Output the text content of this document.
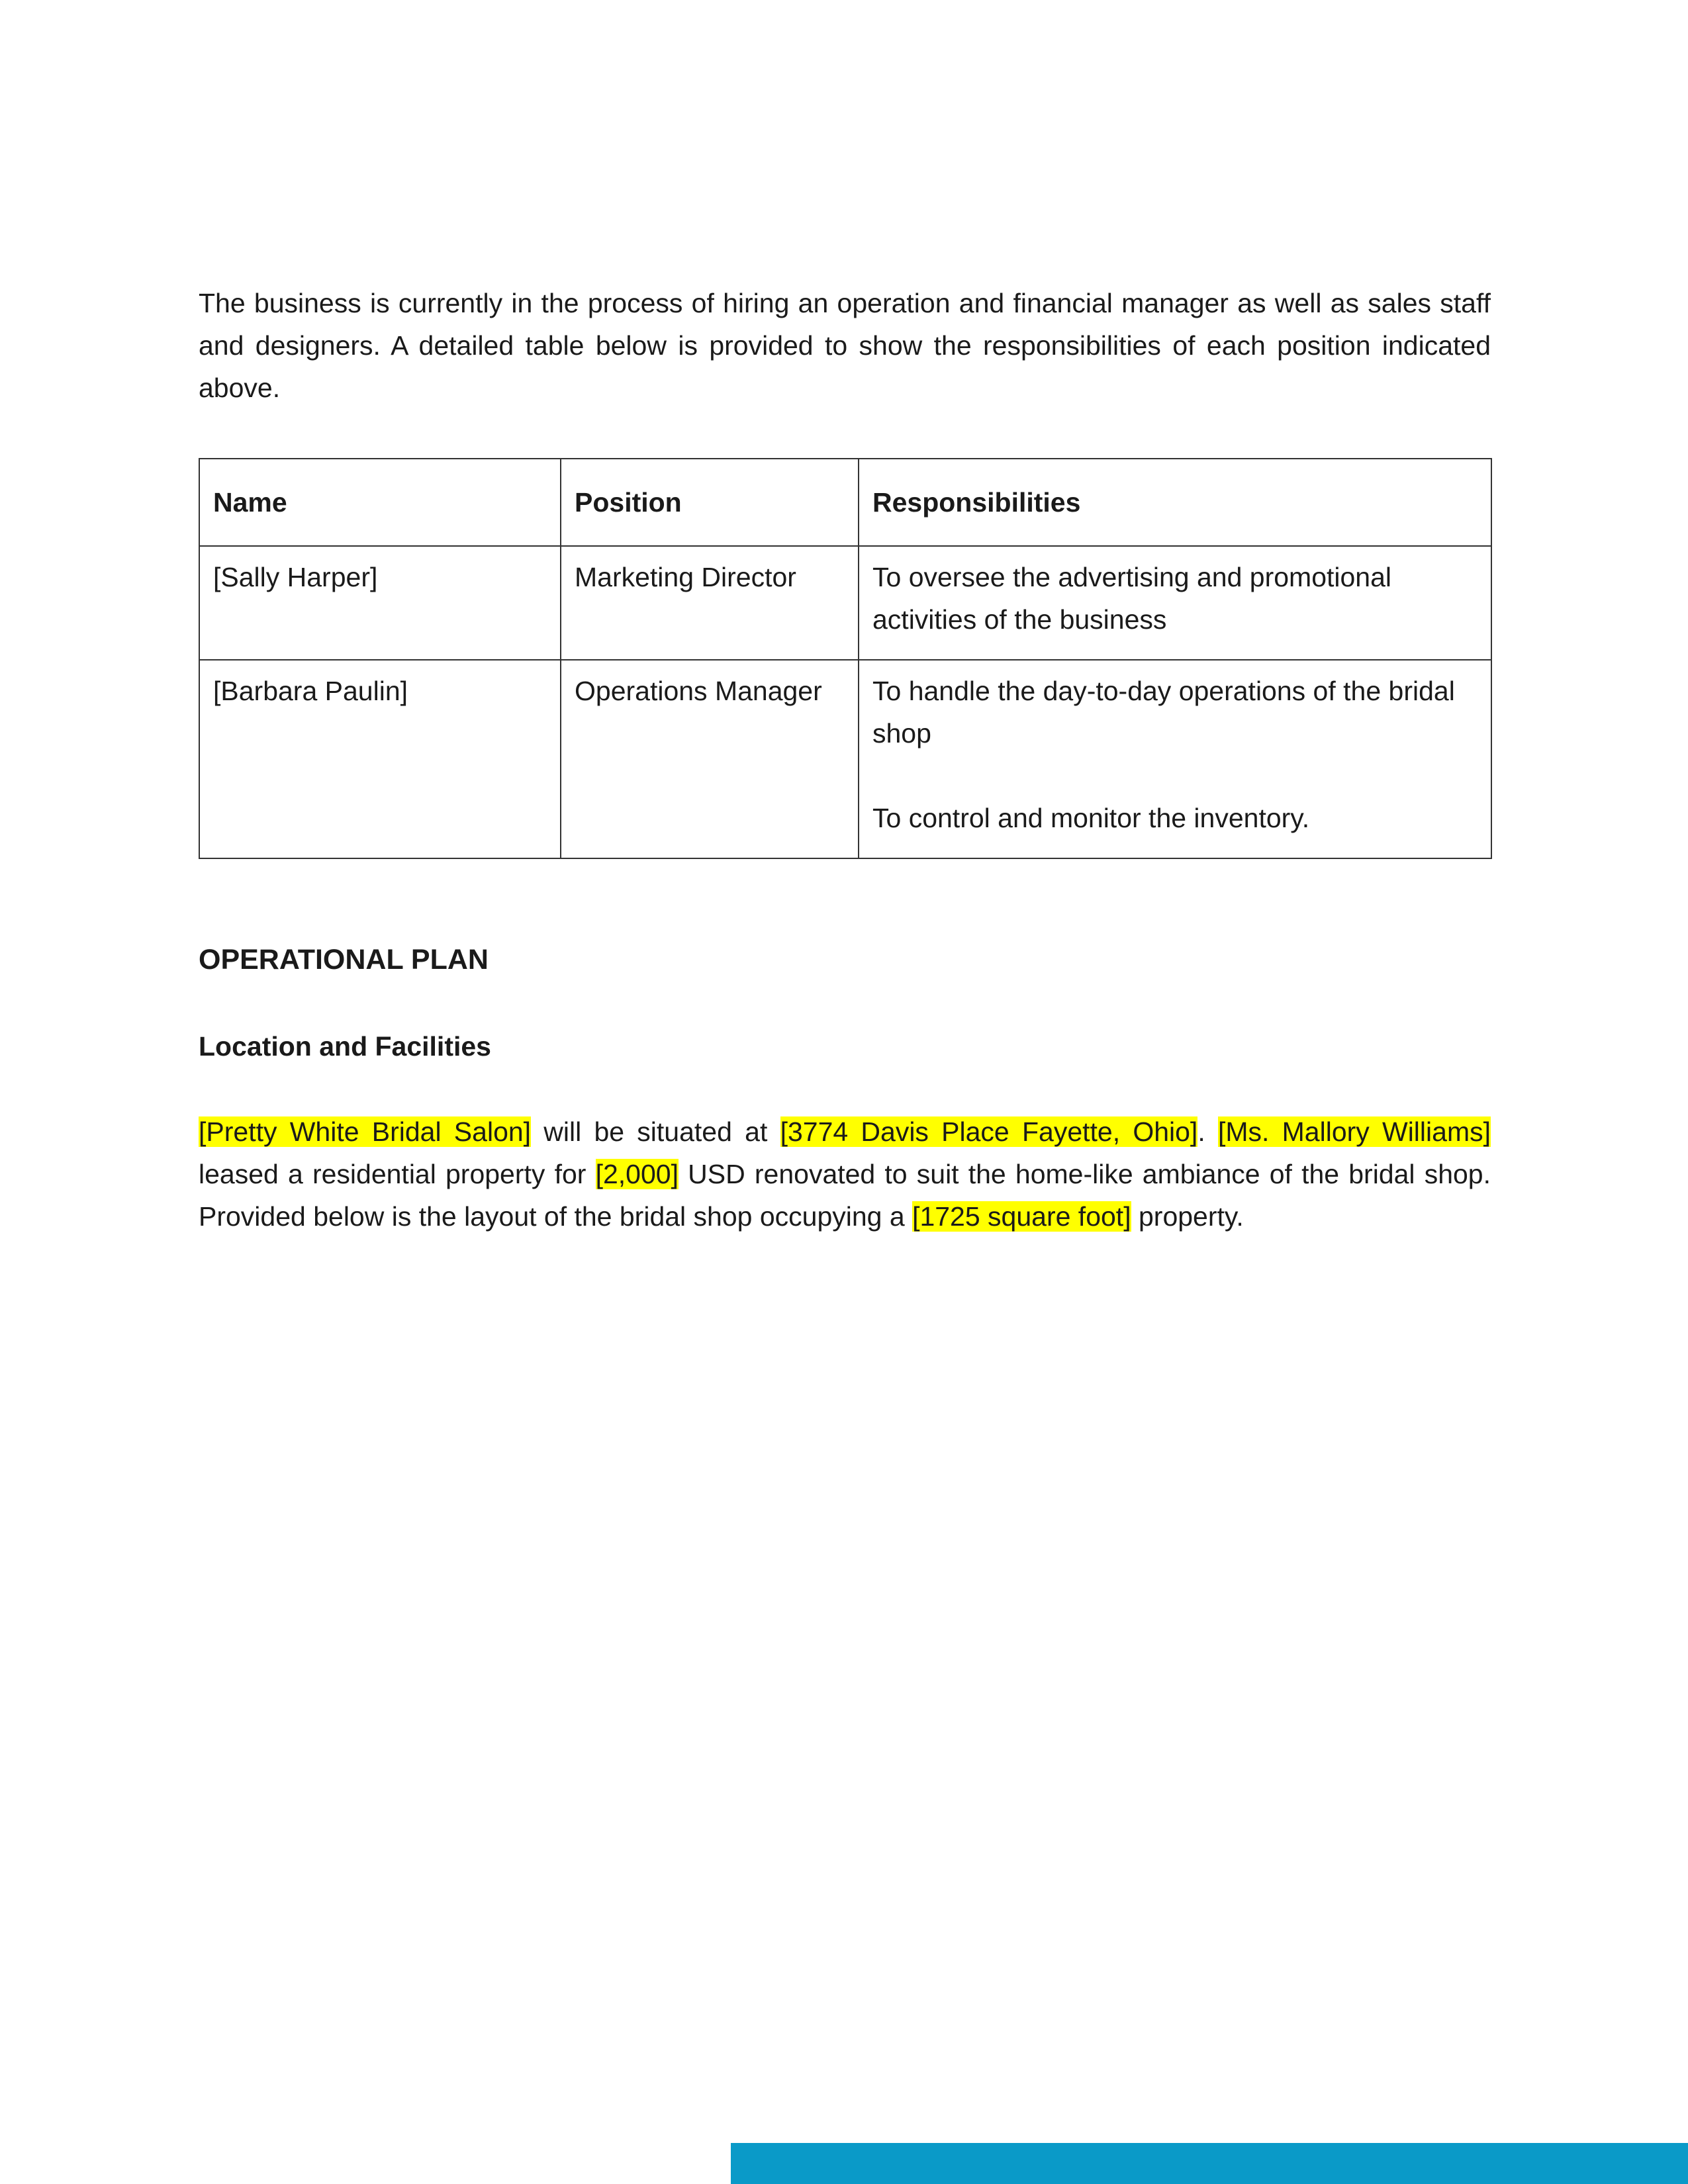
The business is currently in the process of hiring an operation and financial manager as well as sales staff and designers. A detailed table below is provided to show the responsibilities of each position indicated above.

Name	Position	Responsibilities
[Sally Harper]	Marketing Director	To oversee the advertising and promotional activities of the business

[Barbara Paulin]	Operations Manager	To handle the day-to-day operations of the bridal shop
To control and monitor the inventory.
OPERATIONAL PLAN
Location and Facilities

[Pretty White Bridal Salon] will be situated at [3774 Davis Place Fayette, Ohio]. [Ms. Mallory Williams] leased a residential property for [2,000] USD renovated to suit the home-like ambiance of the bridal shop. Provided below is the layout of the bridal shop occupying a [1725 square foot] property.
